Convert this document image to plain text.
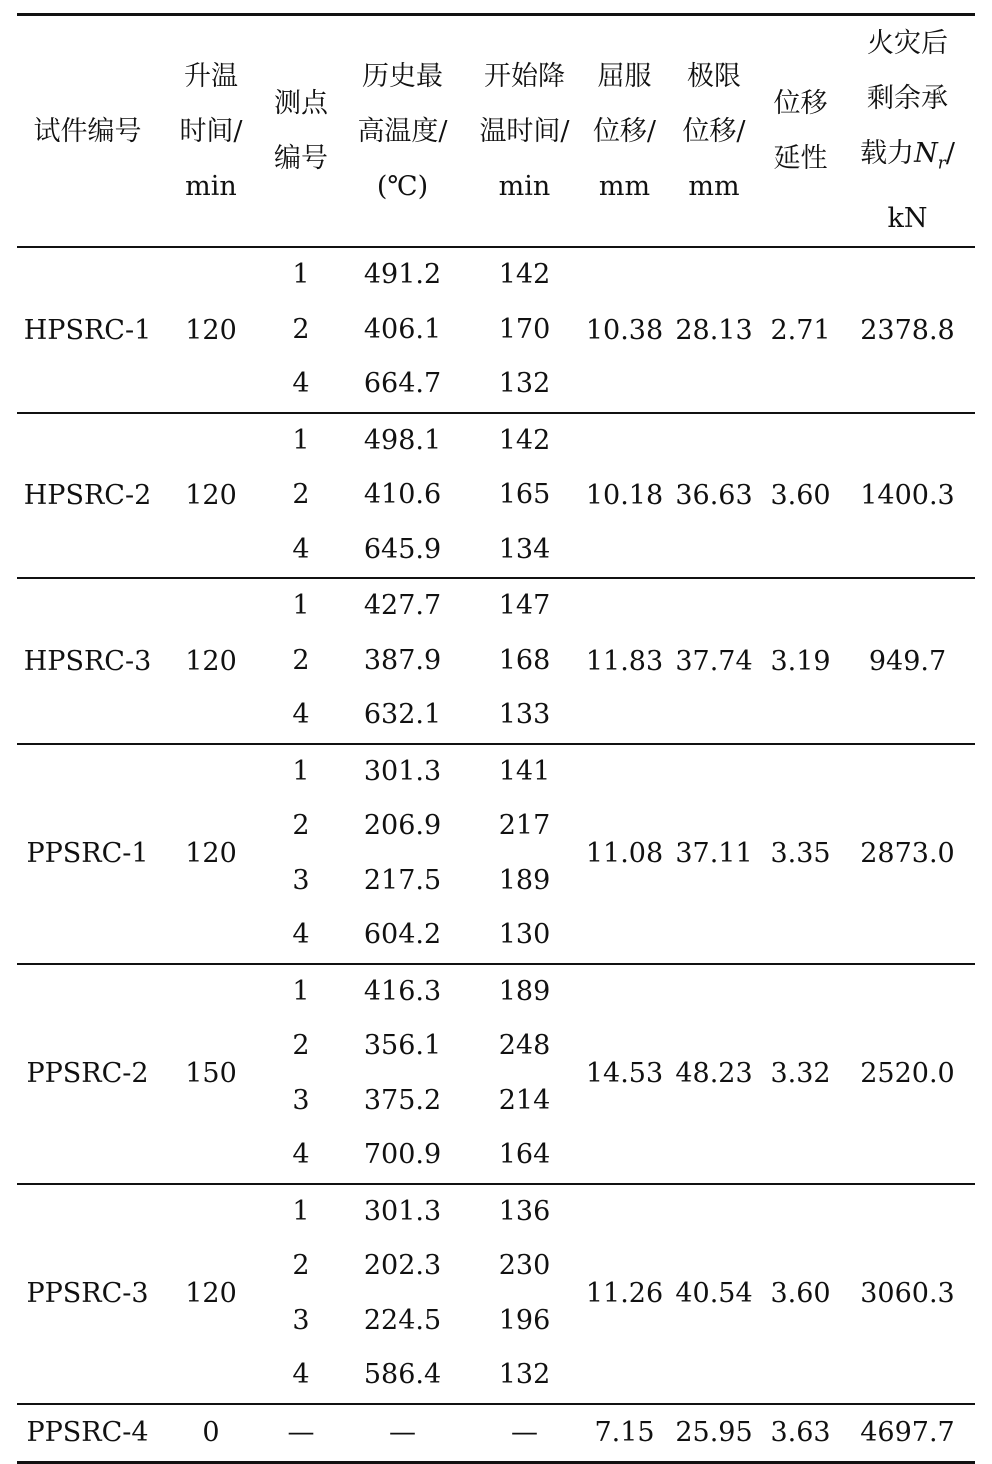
试件编号	升温
时间/
min	测点
编号	历史最
高温度/
(℃)	开始降
温时间/
min	屈服
位移/
mm	极限
位移/
mm	位移
延性	火灾后
剩余承
载力$N_r/$
kN

HPSRC-1	120	1	491.2	142	10.38	28.13	2.71	2378.8
		2	406.1	170				
		4	664.7	132				
HPSRC-2	120	1	498.1	142	10.18	36.63	3.60	1400.3
		2	410.6	165				
		4	645.9	134				
HPSRC-3	120	1	427.7	147	11.83	37.74	3.19	949.7
		2	387.9	168				
		4	632.1	133				
PPSRC-1	120	1	301.3	141	11.08	37.11	3.35	2873.0
		2	206.9	217				
		3	217.5	189				
		4	604.2	130				
PPSRC-2	150	1	416.3	189	14.53	48.23	3.32	2520.0
		2	356.1	248				
		3	375.2	214				
		4	700.9	164				
PPSRC-3	120	1	301.3	136	11.26	40.54	3.60	3060.3
		2	202.3	230				
		3	224.5	196				
		4	586.4	132				
PPSRC-4	0	—	—	—	7.15	25.95	3.63	4697.7
